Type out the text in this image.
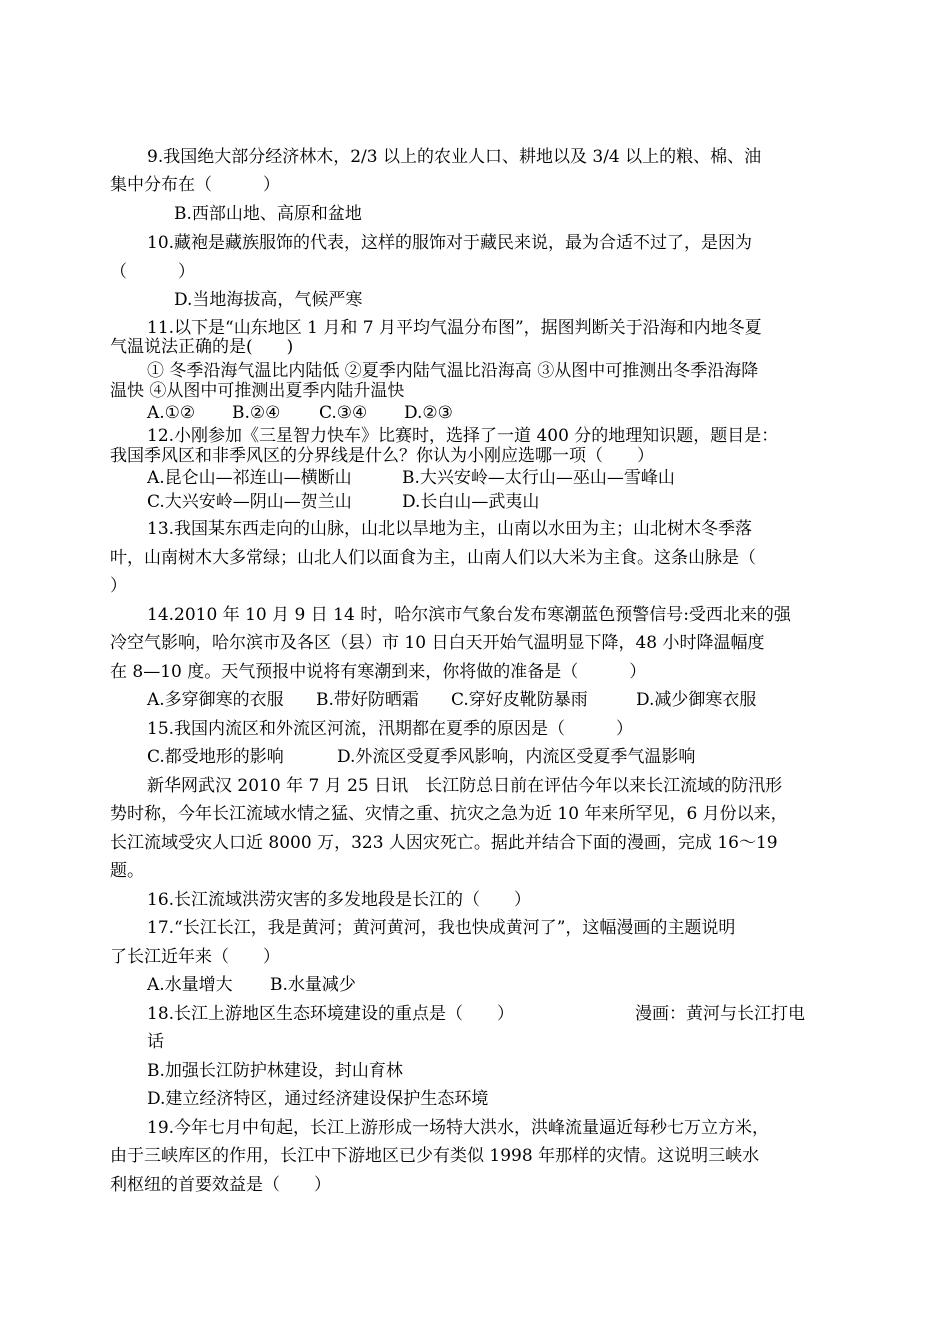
9.我国绝大部分经济林木，2/3 以上的农业人口、耕地以及 3/4 以上的粮、棉、油
集中分布在（　　　）
B.西部山地、高原和盆地
10.藏袍是藏族服饰的代表，这样的服饰对于藏民来说，最为合适不过了，是因为
（　　　）
D.当地海拔高，气候严寒
11.以下是“山东地区 1 月和 7 月平均气温分布图”，据图判断关于沿海和内地冬夏
气温说法正确的是(　　)
① 冬季沿海气温比内陆低 ②夏季内陆气温比沿海高 ③从图中可推测出冬季沿海降
温快 ④从图中可推测出夏季内陆升温快
A.①② B.②④ C.③④ D.②③
12.小刚参加《三星智力快车》比赛时，选择了一道 400 分的地理知识题，题目是：
我国季风区和非季风区的分界线是什么？你认为小刚应选哪一项（　　）
A.昆仑山—祁连山—横断山	B.大兴安岭—太行山—巫山—雪峰山
C.大兴安岭—阴山—贺兰山	D.长白山—武夷山
13.我国某东西走向的山脉，山北以旱地为主，山南以水田为主；山北树木冬季落
叶，山南树木大多常绿；山北人们以面食为主，山南人们以大米为主食。这条山脉是（
）
14.2010 年 10 月 9 日 14 时，哈尔滨市气象台发布寒潮蓝色预警信号:受西北来的强
冷空气影响，哈尔滨市及各区（县）市 10 日白天开始气温明显下降，48 小时降温幅度
在 8—10 度。天气预报中说将有寒潮到来，你将做的准备是（　　　）
A.多穿御寒的衣服 B.带好防晒霜 C.穿好皮靴防暴雨	D.减少御寒衣服
15.我国内流区和外流区河流，汛期都在夏季的原因是（　　　）
C.都受地形的影响	D.外流区受夏季风影响，内流区受夏季气温影响
新华网武汉 2010 年 7 月 25 日讯　长江防总日前在评估今年以来长江流域的防汛形
势时称，今年长江流域水情之猛、灾情之重、抗灾之急为近 10 年来所罕见，6 月份以来，
长江流域受灾人口近 8000 万，323 人因灾死亡。据此并结合下面的漫画，完成 16～19
题。
16.长江流域洪涝灾害的多发地段是长江的（　　）
17.“长江长江，我是黄河；黄河黄河，我也快成黄河了”，这幅漫画的主题说明
了长江近年来（　　）
A.水量增大 B.水量减少
18.长江上游地区生态环境建设的重点是（　　）	漫画：黄河与长江打电
话
B.加强长江防护林建设，封山育林
D.建立经济特区，通过经济建设保护生态环境
19.今年七月中旬起，长江上游形成一场特大洪水，洪峰流量逼近每秒七万立方米，
由于三峡库区的作用，长江中下游地区已少有类似 1998 年那样的灾情。这说明三峡水
利枢纽的首要效益是（　　）
